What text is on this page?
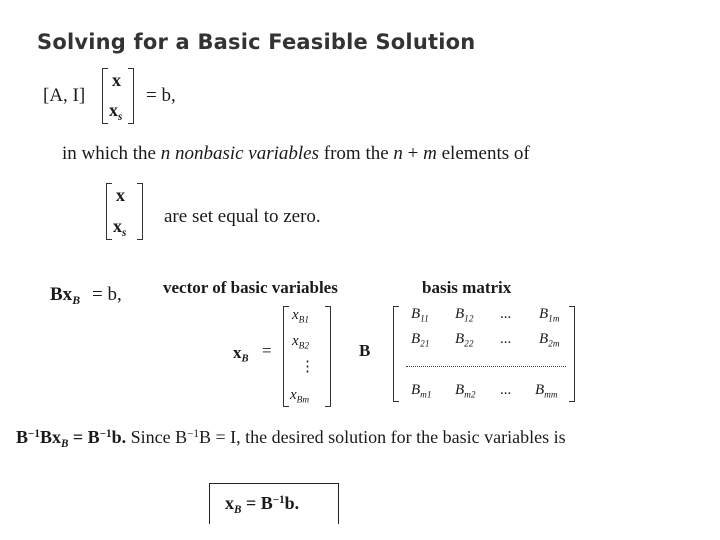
Solving for a Basic Feasible Solution
[A, I]
x
$x_s$
= b,
in which the n nonbasic variables from the n + m elements of
x
$x_s$
are set equal to zero.
$Bx_B = b$, vector of basic variables	basis matrix
$x_B$ =
$x_{B1}$
$x_{B2}$
⋮
$x_{Bm}$
B
$B_{11}$ $B_{12}$ ... $B_{1m}$
$B_{21}$ $B_{22}$ ... $B_{2m}$
$B_{m1}$ $B_{m2}$ ... $B_{mm}$
$B^{-1}Bx_B = B^{-1}b$. Since $B^{-1}B = I$, the desired solution for the basic variables is
$x_B = B^{-1}b$.
